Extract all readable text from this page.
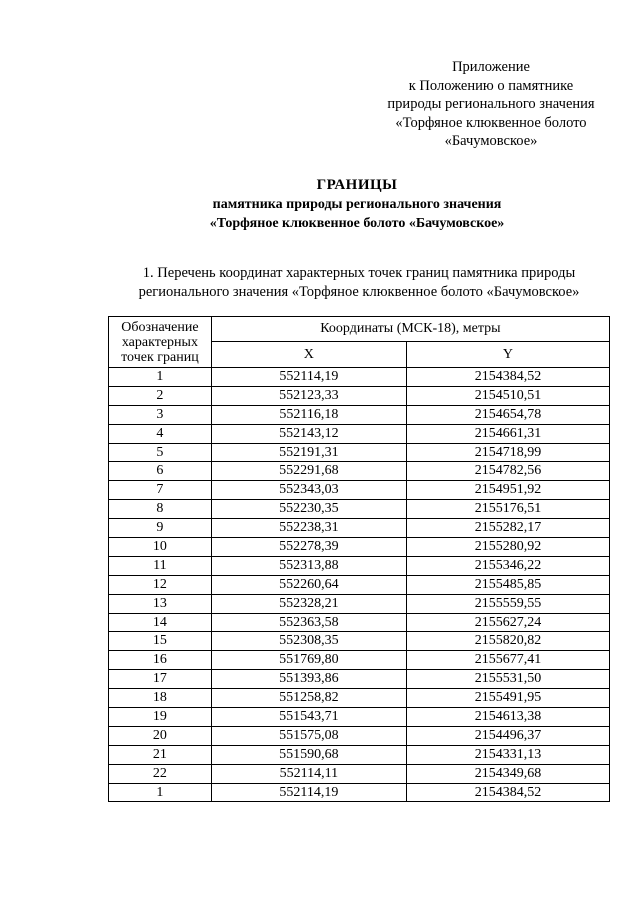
Приложение
к Положению о памятнике
природы регионального значения
«Торфяное клюквенное болото
«Бачумовское»
ГРАНИЦЫ
памятника природы регионального значения
«Торфяное клюквенное болото «Бачумовское»
1. Перечень координат характерных точек границ памятника природы
регионального значения «Торфяное клюквенное болото «Бачумовское»
Обозначение характерных точек границ	Координаты (МСК-18), метры	
	X	Y
1	552114,19	2154384,52
2	552123,33	2154510,51
3	552116,18	2154654,78
4	552143,12	2154661,31
5	552191,31	2154718,99
6	552291,68	2154782,56
7	552343,03	2154951,92
8	552230,35	2155176,51
9	552238,31	2155282,17
10	552278,39	2155280,92
11	552313,88	2155346,22
12	552260,64	2155485,85
13	552328,21	2155559,55
14	552363,58	2155627,24
15	552308,35	2155820,82
16	551769,80	2155677,41
17	551393,86	2155531,50
18	551258,82	2155491,95
19	551543,71	2154613,38
20	551575,08	2154496,37
21	551590,68	2154331,13
22	552114,11	2154349,68
1	552114,19	2154384,52
